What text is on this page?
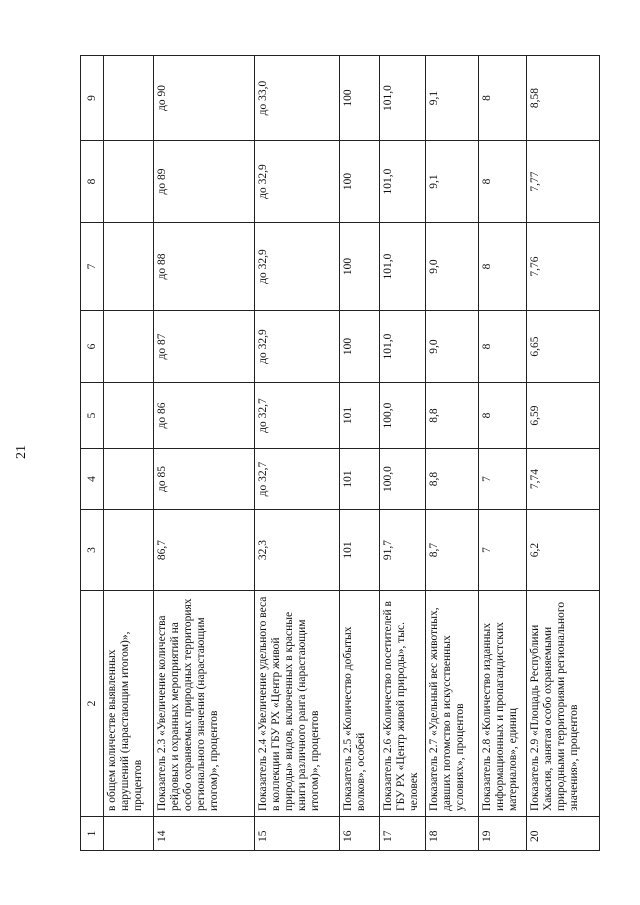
21
1	2	3	4	5	6	7	8	9
	в общем количестве выявленных нарушений (нарастающим итогом)», процентов							
14	Показатель 2.3 «Увеличение количества рейдовых и охранных мероприятий на особо охраняемых природных территориях регионального значения (нарастающим итогом)», процентов	86,7	до 85	до 86	до 87	до 88	до 89	до 90
15	Показатель 2.4 «Увеличение удельного веса в коллекции ГБУ РХ «Центр живой природы» видов, включенных в красные книги различного ранга (нарастающим итогом)», процентов	32,3	до 32,7	до 32,7	до 32,9	до 32,9	до 32,9	до 33,0
16	Показатель 2.5 «Количество добытых волков», особей	101	101	101	100	100	100	100
17	Показатель 2.6 «Количество посетителей в ГБУ РХ «Центр живой природы», тыс. человек	91,7	100,0	100,0	101,0	101,0	101,0	101,0
18	Показатель 2.7 «Удельный вес животных, давших потомство в искусственных условиях», процентов	8,7	8,8	8,8	9,0	9,0	9,1	9,1
19	Показатель 2.8 «Количество изданных информационных и пропагандистских материалов», единиц	7	7	8	8	8	8	8
20	Показатель 2.9 «Площадь Республики Хакасия, занятая особо охраняемыми природными территориями регионального значения», процентов	6,2	7,74	6,59	6,65	7,76	7,77	8,58
